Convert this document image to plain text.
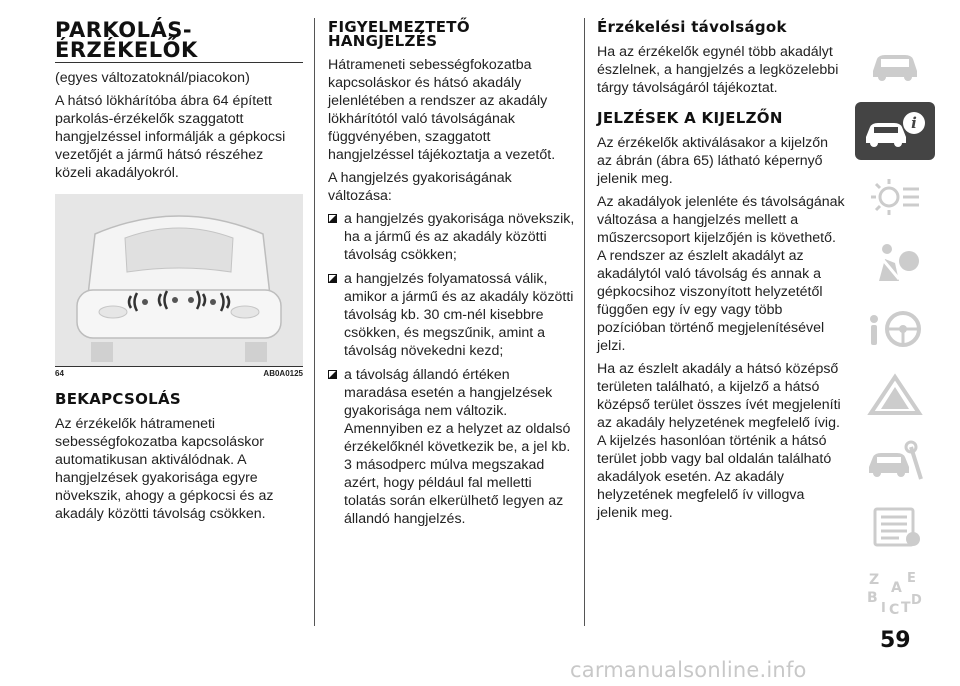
PARKOLÁS-
ÉRZÉKELŐK

(egyes változatoknál/piacokon)

A hátsó lökhárítóba ábra 64 épített parkolás-érzékelők szaggatott hangjelzéssel informálják a gépkocsi vezetőjét a jármű hátsó részéhez közeli akadályokról.

64	AB0A0125
BEKAPCSOLÁS

Az érzékelők hátrameneti sebességfokozatba kapcsoláskor automatikusan aktiválódnak. A hangjelzések gyakorisága egyre növekszik, ahogy a gépkocsi és az akadály közötti távolság csökken.

FIGYELMEZTETŐ
HANGJELZÉS

Hátrameneti sebességfokozatba kapcsoláskor és hátsó akadály jelenlétében a rendszer az akadály lökhárítótól való távolságának függvényében, szaggatott hangjelzéssel tájékoztatja a vezetőt.

A hangjelzés gyakoriságának változása:

a hangjelzés gyakorisága növekszik, ha a jármű és az akadály közötti távolság csökken;
a hangjelzés folyamatossá válik, amikor a jármű és az akadály közötti távolság kb. 30 cm-nél kisebbre csökken, és megszűnik, amint a távolság növekedni kezd;
a távolság állandó értéken maradása esetén a hangjelzések gyakorisága nem változik. Amennyiben ez a helyzet az oldalsó érzékelőknél következik be, a jel kb. 3 másodperc múlva megszakad azért, hogy például fal melletti tolatás során elkerülhető legyen az állandó hangjelzés.
Érzékelési távolságok

Ha az érzékelők egynél több akadályt észlelnek, a hangjelzés a legközelebbi tárgy távolságáról tájékoztat.

JELZÉSEK A KIJELZŐN

Az érzékelők aktiválásakor a kijelzőn az ábrán (ábra 65) látható képernyő jelenik meg.

Az akadályok jelenléte és távolságának változása a hangjelzés mellett a műszercsoport kijelzőjén is követhető. A rendszer az észlelt akadályt az akadálytól való távolság és annak a gépkocsihoz viszonyított helyzetétől függően egy ív egy vagy több pozícióban történő megjelenítésével jelzi.

Ha az észlelt akadály a hátsó középső területen található, a kijelző a hátsó középső terület összes ívét megjeleníti az akadály helyzetének megfelelő ívig. A kijelzés hasonlóan történik a hátsó terület jobb vagy bal oldalán található akadályok esetén. Az akadály helyzetének megfelelő ív villogva jelenik meg.

i
Z E
A
B
I C T D
59
carmanualsonline.info
